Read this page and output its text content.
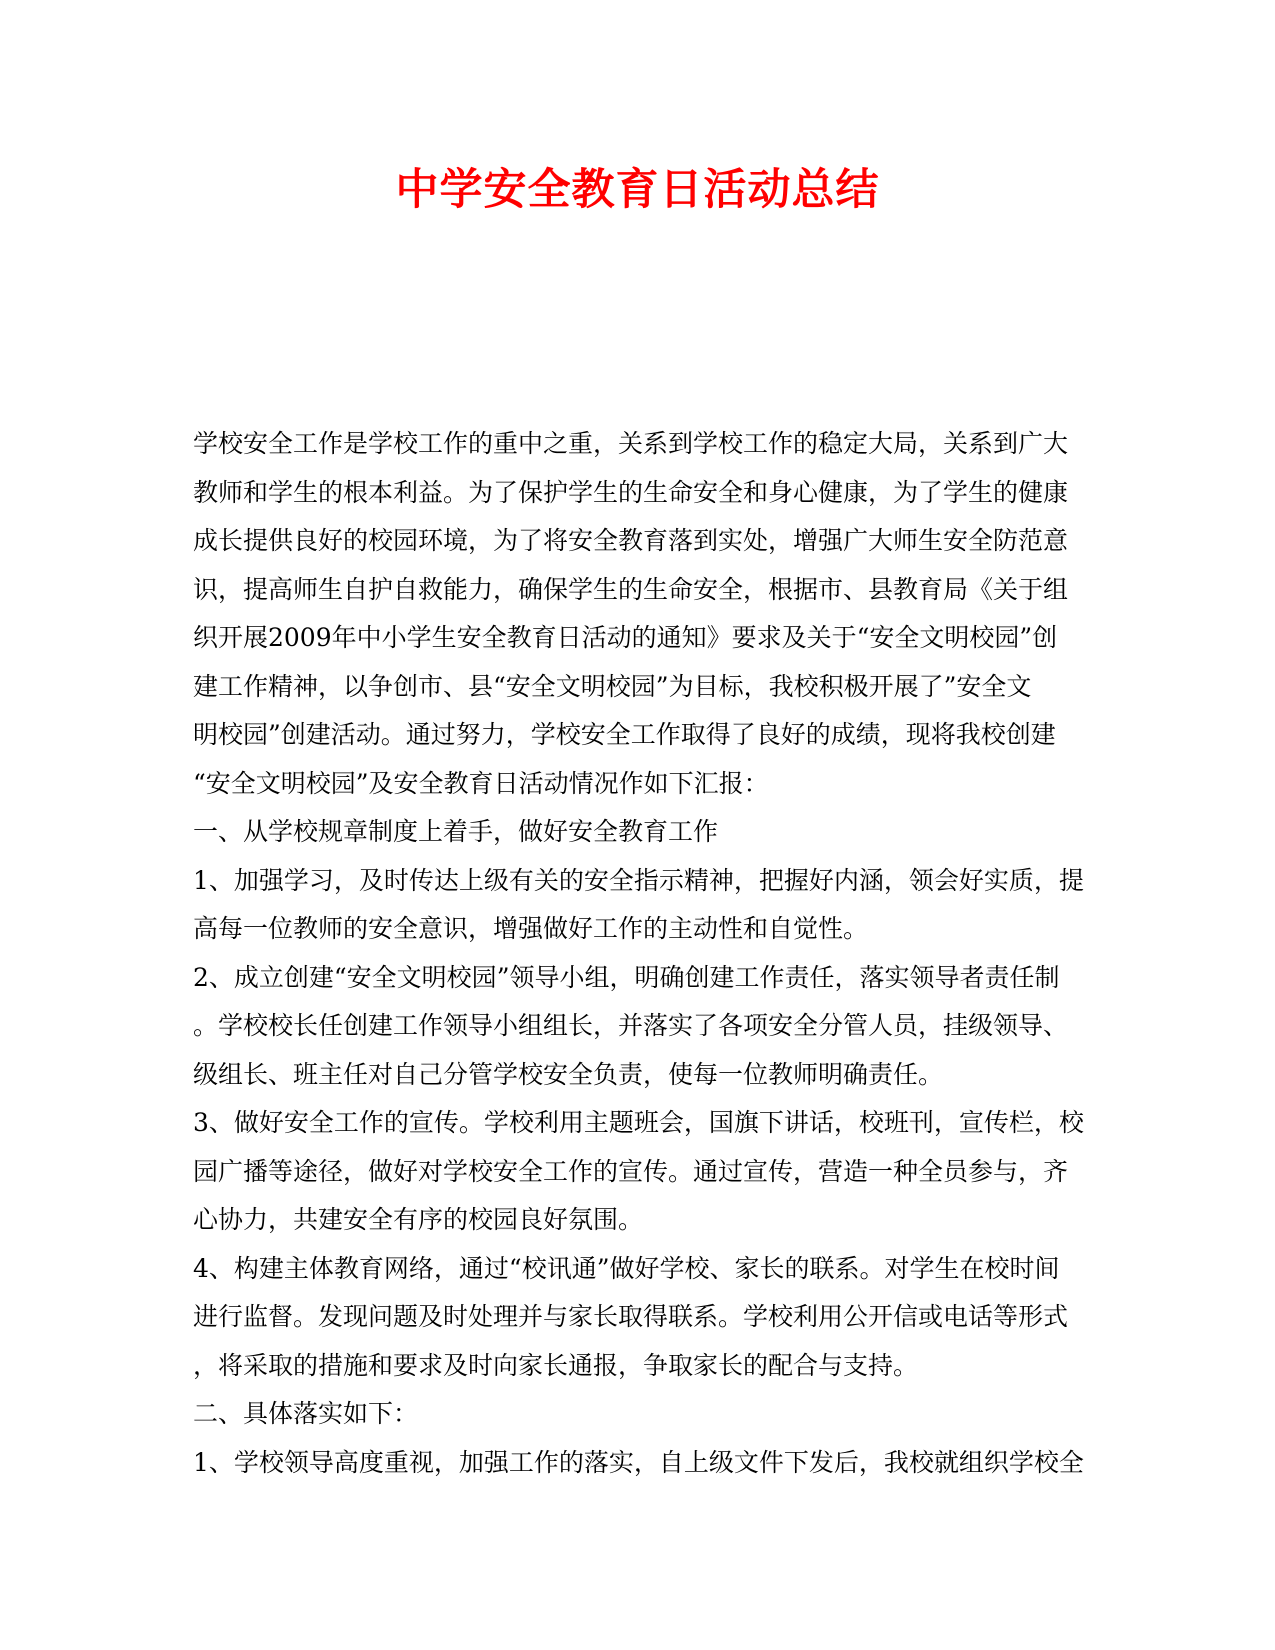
中学安全教育日活动总结
学校安全工作是学校工作的重中之重，关系到学校工作的稳定大局，关系到广大
教师和学生的根本利益。为了保护学生的生命安全和身心健康，为了学生的健康
成长提供良好的校园环境，为了将安全教育落到实处，增强广大师生安全防范意
识，提高师生自护自救能力，确保学生的生命安全，根据市、县教育局《关于组
织开展2009年中小学生安全教育日活动的通知》要求及关于“安全文明校园”创
建工作精神，以争创市、县“安全文明校园”为目标，我校积极开展了”安全文
明校园”创建活动。通过努力，学校安全工作取得了良好的成绩，现将我校创建
“安全文明校园”及安全教育日活动情况作如下汇报：
一、从学校规章制度上着手，做好安全教育工作
1、加强学习，及时传达上级有关的安全指示精神，把握好内涵，领会好实质，提
高每一位教师的安全意识，增强做好工作的主动性和自觉性。
2、成立创建“安全文明校园”领导小组，明确创建工作责任，落实领导者责任制
。学校校长任创建工作领导小组组长，并落实了各项安全分管人员，挂级领导、
级组长、班主任对自己分管学校安全负责，使每一位教师明确责任。
3、做好安全工作的宣传。学校利用主题班会，国旗下讲话，校班刊，宣传栏，校
园广播等途径，做好对学校安全工作的宣传。通过宣传，营造一种全员参与，齐
心协力，共建安全有序的校园良好氛围。
4、构建主体教育网络，通过“校讯通”做好学校、家长的联系。对学生在校时间
进行监督。发现问题及时处理并与家长取得联系。学校利用公开信或电话等形式
，将采取的措施和要求及时向家长通报，争取家长的配合与支持。
二、具体落实如下：
1、学校领导高度重视，加强工作的落实，自上级文件下发后，我校就组织学校全
